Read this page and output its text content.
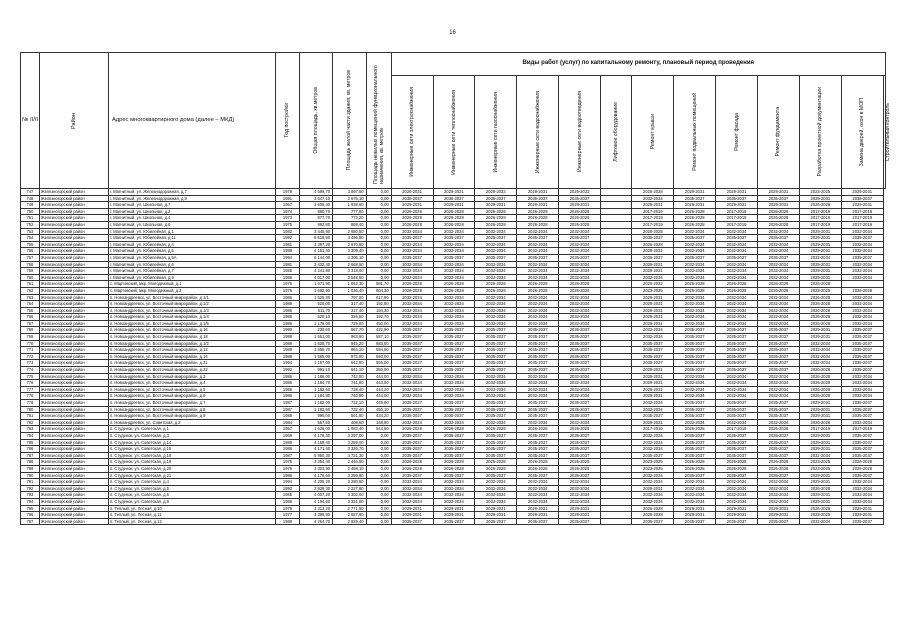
16
№ п/п	Район	Адрес многоквартирного дома (далее – МКД)	Год постройки	Общая площадь, кв.метров	Площадь жилой части здания, кв. метров	Площадь нежилых помещений функционального назначения, кв. метров	Виды работ (услуг) по капитальному ремонту, плановый период проведения												

							Инженерные сети электроснабжения	Инженерные сети теплоснабжения	Инженерные сети газоснабжения	Инженерные сети водоснабжения	Инженерные сети водоотведения	Лифтовое оборудование	Ремонт крыши	Ремонт подвальных помещений	Ремонт фасада	Ремонт фундамента	Разработка проектной документации	Замена дверей, окон в МОП	Строительный контроль

747	Железногорский район	г. Магнитный, ул. Железнодорожная, д.7	1979	4 599,70	3 897,50	0,00	2026-2031	2029-2031	2029-2033	2029-2031	2029-2033		2026-2028	2029-2031	2029-2031	2029-2031	2023-2025	2029-2031	
748	Железногорский район	г. Магнитный, ул. Железнодорожная, д.9	1991	3 547,10	2 675,10	0,00	2035-2037	2035-2037	2035-2037	2035-2037	2035-2037		2032-2034	2035-2037	2035-2037	2035-2037	2029-2031	2035-2037	
749	Железногорский район	г. Магнитный, ул. Школьная, д.7	1967	2 608,40	1 938,60	0,00	2029-2031	2029-2031	2029-2031	2029-2031	2029-2031		2029-2031	2029-2031	2029-2031	2029-2031	2026-2028	2029-2031	
750	Железногорский район	г. Магнитный, ул. Школьная, д.2	1974	880,70	777,00	0,00	2026-2028	2026-2028	2026-2028	2026-2028	2026-2028		2017-2019	2026-2028	2017-2019	2026-2028	2017-2019	2017-2019	
751	Железногорский район	г. Магнитный, ул. Школьная, д.4	1973	877,70	773,20	0,00	2026-2028	2026-2028	2026-2028	2026-2028	2026-2028		2017-2019	2026-2028	2017-2019	2026-2028	2017-2019	2017-2019	
752	Железногорский район	г. Магнитный, ул. Школьная, д.6	1975	962,80	869,40	0,00	2026-2028	2026-2028	2026-2028	2026-2028	2026-2028		2017-2019	2026-2028	2017-2019	2026-2028	2017-2019	2017-2019	
753	Железногорский район	г. Магнитный, ул. Юбилейная, д.1	1982	3 445,90	2 680,50	0,00	2032-2034	2032-2034	2032-2034	2032-2034	2032-2034		2026-2028	2032-2034	2032-2034	2032-2034	2029-2031	2032-2034	
754	Железногорский район	г. Магнитный, ул. Юбилейная, д.11	1992	6 518,50	4 496,80	0,00	2035-2037	2035-2037	2035-2037	2035-2037	2035-2037		2035-2037	2035-2037	2035-2037	2035-2037	2029-2031	2035-2037	
755	Железногорский район	г. Магнитный, ул. Юбилейная, д.4	1981	3 397,20	2 670,50	0,00	2032-2034	2032-2034	2032-2034	2032-2034	2032-2034		2026-2028	2032-2034	2032-2034	2032-2034	2029-2031	2032-2034	
756	Железногорский район	г. Магнитный, ул. Юбилейная, д.5	1988	4 151,40	3 309,40	0,00	2032-2034	2032-2034	2032-2034	2032-2034	2032-2034		2029-2031	2032-2034	2032-2034	2032-2034	2029-2031	2032-2034	
757	Железногорский район	г. Магнитный, ул. Юбилейная, д.5А	1994	6 144,00	4 305,10	0,00	2035-2037	2035-2037	2035-2037	2035-2037	2035-2037		2035-2037	2035-2037	2035-2037	2035-2037	2032-2034	2035-2037	
758	Железногорский район	г. Магнитный, ул. Юбилейная, д.6	1981	3 432,40	2 668,50	0,00	2032-2034	2032-2034	2032-2034	2032-2034	2032-2034		2029-2031	2032-2034	2032-2034	2032-2034	2029-2031	2032-2034	
759	Железногорский район	г. Магнитный, ул. Юбилейная, д.7	1985	4 241,80	3 318,00	0,00	2032-2034	2032-2034	2032-2034	2032-2034	2032-2034		2029-2031	2032-2034	2032-2034	2032-2034	2029-2031	2032-2034	
760	Железногорский район	г. Магнитный, ул. Юбилейная, д.9	1986	4 617,00	3 548,50	0,00	2032-2034	2032-2034	2032-2034	2032-2034	2032-2034		2032-2034	2032-2034	2032-2034	2032-2034	2029-2031	2032-2034	
761	Железногорский район	с. Мартовский, мкр. Молодежный, д.1	1975	1 671,90	1 062,30	581,70	2026-2028	2026-2028	2026-2028	2026-2028	2026-2028		2020-2022	2026-2028	2026-2028	2026-2028	2026-2028		
762	Железногорский район	с. Мартовский, мкр. Молодежный, д.2	1976	1 692,90	1 036,40	604,30	2026-2028	2026-2028	2026-2028	2026-2028	2026-2028		2023-2025	2026-2028	2026-2028	2026-2028	2023-2025	2026-2028	
763	Железногорский район	п. Новоандреевск, ул. Восточный микрорайон, д.1/1	1986	1 525,30	797,00	617,90	2032-2034	2032-2034	2032-2034	2032-2034	2032-2034		2029-2031	2032-2034	2032-2034	2032-2034	2026-2028	2032-2034	
764	Железногорский район	п. Новоандреевск, ул. Восточный микрорайон, д.1/2	1986	520,00	317,40	192,80	2032-2034	2032-2034	2032-2034	2032-2034	2032-2034		2029-2031	2032-2034	2032-2034	2032-2034	2026-2028	2032-2034	
765	Железногорский район	п. Новоандреевск, ул. Восточный микрорайон, д.1/3	1986	511,70	317,40	194,30	2032-2034	2032-2034	2032-2034	2032-2034	2032-2034		2029-2031	2032-2034	2032-2034	2032-2034	2026-2028	2032-2034	
766	Железногорский район	п. Новоандреевск, ул. Восточный микрорайон, д.1/4	1986	520,10	326,50	192,70	2032-2034	2032-2034	2032-2034	2032-2034	2032-2034		2029-2031	2032-2034	2032-2034	2032-2034	2026-2028	2032-2034	
767	Железногорский район	п. Новоандреевск, ул. Восточный микрорайон, д.1/5	1986	1 179,00	729,00	450,00	2032-2034	2032-2034	2032-2034	2032-2034	2032-2034		2029-2031	2032-2034	2032-2034	2032-2034	2026-2028	2032-2034	
768	Железногорский район	п. Новоандреевск, ул. Восточный микрорайон, д.16	1990	230,60	567,70	422,90	2035-2037	2035-2037	2035-2037	2035-2037	2035-2037		2032-2034	2035-2037	2035-2037	2035-2037	2029-2031	2035-2037	
769	Железногорский район	п. Новоандреевск, ул. Восточный микрорайон, д.18	1988	1 551,00	963,90	587,10	2035-2037	2035-2037	2035-2037	2035-2037	2035-2037		2032-2034	2035-2037	2035-2037	2035-2037	2029-2031	2035-2037	
770	Железногорский район	п. Новоандреевск, ул. Восточный микрорайон, д.1/2	1989	1 628,70	945,20	683,50	2035-2037	2035-2037	2035-2037	2035-2037	2035-2037		2035-2037	2035-2037	2035-2037	2035-2037	2032-2034	2035-2037	
771	Железногорский район	п. Новоандреевск, ул. Восточный микрорайон, д.13	1989	1 558,70	864,10	594,60	2035-2037	2035-2037	2035-2037	2035-2037	2035-2037		2035-2037	2035-2037	2035-2037	2035-2037	2032-2034	2035-2037	
772	Железногорский район	п. Новоандреевск, ул. Восточный микрорайон, д.14	1988	1 565,00	972,00	593,00	2035-2037	2035-2037	2035-2037	2035-2037	2035-2037		2035-2037	2035-2037	2035-2037	2035-2037	2032-2034	2035-2037	
773	Железногорский район	п. Новоандреевск, ул. Восточный микрорайон, д.21	1994	1 197,00	642,00	555,00	2035-2037	2035-2037	2035-2037	2035-2037	2035-2037		2035-2037	2035-2037	2035-2037	2035-2037	2032-2034	2035-2037	
774	Железногорский район	п. Новоандреевск, ул. Восточный микрорайон, д.22	1992	991,10	641,10	350,00	2035-2037	2035-2037	2035-2037	2035-2037	2035-2037		2029-2031	2035-2037	2035-2037	2035-2037	2026-2028	2035-2037	
775	Железногорский район	п. Новоандреевск, ул. Восточный микрорайон, д.3	1986	1 186,00	742,00	444,00	2032-2034	2032-2034	2032-2034	2032-2034	2032-2034		2029-2031	2032-2034	2032-2034	2032-2034	2026-2028	2032-2034	
776	Железногорский район	п. Новоандреевск, ул. Восточный микрорайон, д.4	1986	1 184,70	741,00	444,00	2032-2034	2032-2034	2032-2034	2032-2034	2032-2034		2029-2031	2032-2034	2032-2034	2032-2034	2026-2028	2032-2034	
777	Железногорский район	п. Новоандреевск, ул. Восточный микрорайон, д.5	1986	1 182,60	738,40	444,20	2032-2034	2032-2034	2032-2034	2032-2034	2032-2034		2029-2031	2032-2034	2032-2034	2032-2034	2026-2028	2032-2034	
778	Железногорский район	п. Новоандреевск, ул. Восточный микрорайон, д.6	1986	1 184,80	740,80	444,00	2032-2034	2032-2034	2032-2034	2032-2034	2032-2034		2029-2031	2032-2034	2032-2034	2032-2034	2026-2028	2032-2034	
779	Железногорский район	п. Новоандреевск, ул. Восточный микрорайон, д.7	1987	1 182,00	732,10	449,90	2035-2037	2035-2037	2035-2037	2035-2037	2035-2037		2032-2034	2035-2037	2035-2037	2035-2037	2029-2031	2035-2037	
780	Железногорский район	п. Новоандреевск, ул. Восточный микрорайон, д.8	1987	1 182,50	732,40	450,10	2035-2037	2035-2037	2035-2037	2035-2037	2035-2037		2032-2034	2035-2037	2035-2037	2035-2037	2029-2031	2035-2037	
781	Железногорский район	п. Новоандреевск, ул. Восточный микрорайон, д.9	1988	996,00	561,80	434,20	2035-2037	2035-2037	2035-2037	2035-2037	2035-2037		2035-2037	2035-2037	2035-2037	2035-2037	2029-2031	2035-2037	
782	Железногорский район	п. Новоандреевск, ул. Советская, д.2	1984	557,50	408,60	148,90	2032-2034	2032-2034	2032-2034	2032-2034	2032-2034		2029-2031	2032-2034	2032-2034	2032-2034	2026-2028	2032-2034	
783	Железногорский район	п. Студенок, ул. Советская, д.1	1957	1 628,00	1 083,40	544,60	2026-2028	2026-2028	2026-2028	2026-2028	2026-2028		2017-2019	2026-2028	2017-2019	2026-2028	2017-2019	2017-2019	
784	Железногорский район	п. Студенок, ул. Советская, д.3	1969	4 178,30	3 297,00	0,00	2035-2037	2035-2037	2035-2037	2035-2037	2035-2037		2032-2034	2035-2037	2035-2037	2035-2037	2029-2031	2035-2037	
785	Железногорский район	п. Студенок, ул. Советская, д.14	1988	4 169,40	3 259,00	0,00	2035-2037	2035-2037	2035-2037	2035-2037	2035-2037		2032-2034	2035-2037	2035-2037	2035-2037	2029-2031	2035-2037	
786	Железногорский район	п. Студенок, ул. Советская, д.16	1986	4 171,40	3 326,70	0,00	2035-2037	2035-2037	2035-2037	2035-2037	2035-2037		2032-2034	2035-2037	2035-2037	2035-2037	2029-2031	2035-2037	
787	Железногорский район	п. Студенок, ул. Советская, д.18	1987	5 950,30	4 721,30	0,00	2035-2037	2035-2037	2035-2037	2035-2037	2035-2037		2035-2037	2035-2037	2035-2037	2035-2037	2032-2034	2035-2037	
788	Железногорский район	п. Студенок, ул. Советская, д.19	1975	3 254,40	2 446,50	0,00	2026-2028	2026-2028	2026-2028	2026-2028	2026-2028		2023-2025	2026-2028	2026-2028	2026-2028	2023-2025	2026-2028	
789	Железногорский район	п. Студенок, ул. Советская, д.20	1975	3 303,90	2 458,10	0,00	2026-2028	2026-2028	2026-2028	2026-2028	2026-2028		2023-2025	2026-2028	2026-2028	2026-2028	2023-2025	2026-2028	
790	Железногорский район	п. Студенок, ул. Советская, д.21	1986	4 176,60	3 259,80	0,00	2035-2037	2035-2037	2035-2037	2035-2037	2035-2037		2032-2034	2035-2037	2035-2037	2035-2037	2029-2031	2035-2037	
791	Железногорский район	п. Студенок, ул. Советская, д.4	1994	4 205,20	3 280,50	0,00	2032-2034	2032-2034	2032-2034	2032-2034	2032-2034		2032-2034	2032-2034	2032-2034	2032-2034	2029-2031	2032-2034	
792	Железногорский район	п. Студенок, ул. Советская, д.5	1993	2 939,30	2 227,80	0,00	2032-2034	2032-2034	2032-2034	2032-2034	2032-2034		2029-2031	2032-2034	2032-2034	2032-2034	2026-2028	2032-2034	
793	Железногорский район	п. Студенок, ул. Советская, д.6	1985	4 007,20	3 302,00	0,00	2032-2034	2032-2034	2032-2034	2032-2034	2032-2034		2032-2034	2032-2034	2032-2034	2032-2034	2029-2031	2032-2034	
794	Железногорский район	п. Студенок, ул. Советская, д.8	1986	4 194,60	3 331,00	0,00	2032-2034	2032-2034	2032-2034	2032-2034	2032-2034		2032-2034	2032-2034	2032-2034	2032-2034	2029-2031	2032-2034	
795	Железногорский район	п. Теплый, ул. Лесная, д.10	1979	3 313,20	2 771,50	0,00	2029-2031	2029-2031	2029-2031	2029-2031	2029-2031		2026-2028	2029-2031	2029-2031	2029-2031	2026-2028	2029-2031	
796	Железногорский район	п. Теплый, ул. Лесная, д.11	1977	3 395,80	2 687,90	0,00	2029-2031	2029-2031	2029-2031	2029-2031	2029-2031		2026-2028	2029-2031	2029-2031	2029-2031	2023-2025	2029-2031	
797	Железногорский район	п. Теплый, ул. Лесная, д.12	1989	4 264,70	2 929,40	0,00	2035-2037	2035-2037	2035-2037	2035-2037	2035-2037		2035-2037	2035-2037	2035-2037	2035-2037	2032-2034	2035-2037	
